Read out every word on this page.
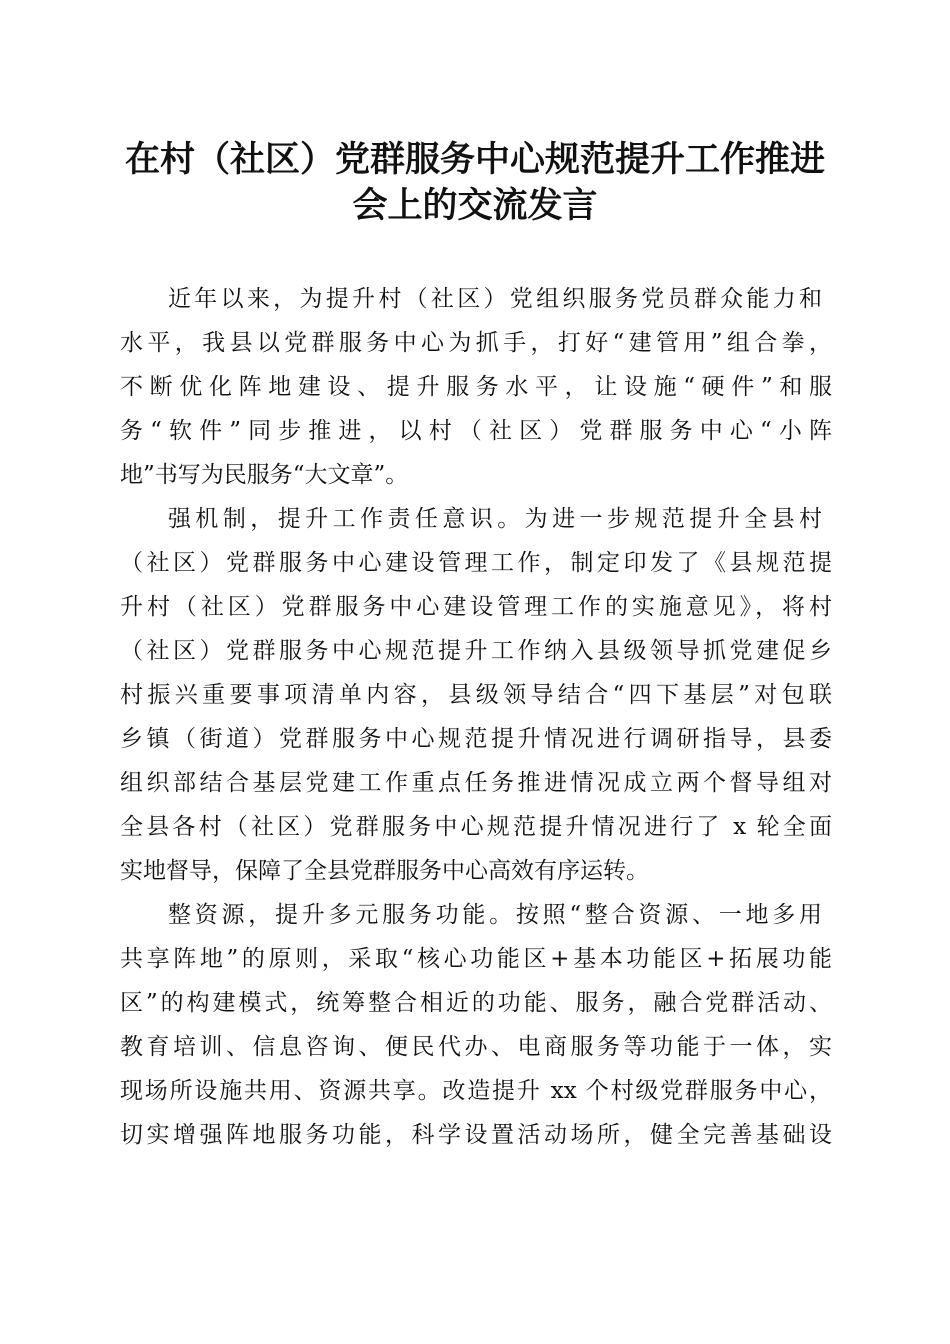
在村（社区）党群服务中心规范提升工作推进
会上的交流发言
近年以来，为提升村（社区）党组织服务党员群众能力和
水平，我县以党群服务中心为抓手，打好“建管用”组合拳，
不断优化阵地建设、提升服务水平，让设施“硬件”和服
务“软件”同步推进，以村（社区）党群服务中心“小阵
地”书写为民服务“大文章”。
强机制，提升工作责任意识。为进一步规范提升全县村
（社区）党群服务中心建设管理工作，制定印发了《县规范提
升村（社区）党群服务中心建设管理工作的实施意见》，将村
（社区）党群服务中心规范提升工作纳入县级领导抓党建促乡
村振兴重要事项清单内容，县级领导结合“四下基层”对包联
乡镇（街道）党群服务中心规范提升情况进行调研指导，县委
组织部结合基层党建工作重点任务推进情况成立两个督导组对
全县各村（社区）党群服务中心规范提升情况进行了 x 轮全面
实地督导，保障了全县党群服务中心高效有序运转。
整资源，提升多元服务功能。按照“整合资源、一地多用
共享阵地”的原则，采取“核心功能区+基本功能区+拓展功能
区”的构建模式，统筹整合相近的功能、服务，融合党群活动、
教育培训、信息咨询、便民代办、电商服务等功能于一体，实
现场所设施共用、资源共享。改造提升 xx 个村级党群服务中心，
切实增强阵地服务功能，科学设置活动场所，健全完善基础设
